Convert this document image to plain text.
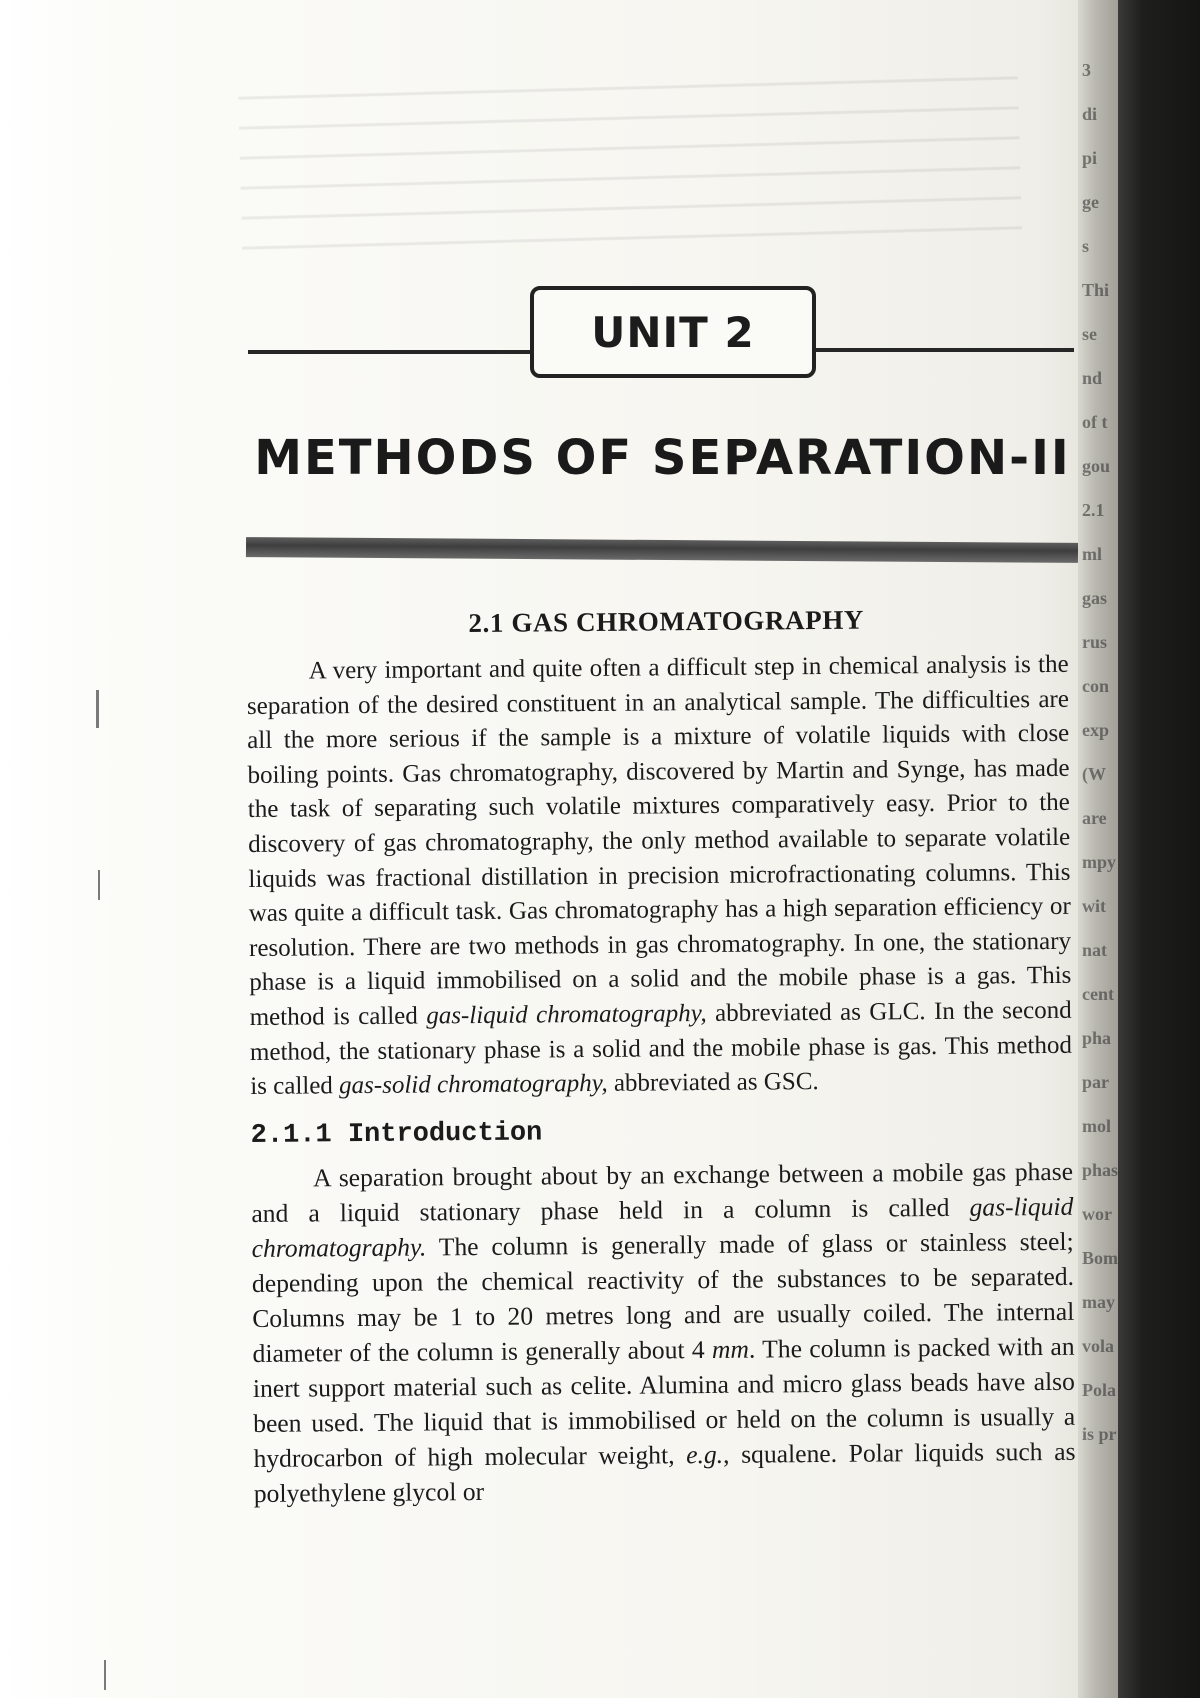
UNIT 2
METHODS OF SEPARATION-II
2.1 GAS CHROMATOGRAPHY

A very important and quite often a difficult step in chemical analysis is the separation of the desired constituent in an analytical sample. The difficulties are all the more serious if the sample is a mixture of volatile liquids with close boiling points. Gas chromatography, discovered by Martin and Synge, has made the task of separating such volatile mixtures comparatively easy. Prior to the discovery of gas chromatography, the only method available to separate volatile liquids was fractional distillation in precision microfractionating columns. This was quite a difficult task. Gas chromatography has a high separation efficiency or resolution. There are two methods in gas chromatography. In one, the stationary phase is a liquid immobilised on a solid and the mobile phase is a gas. This method is called gas-liquid chromatography, abbreviated as GLC. In the second method, the stationary phase is a solid and the mobile phase is gas. This method is called gas-solid chromatography, abbreviated as GSC.

2.1.1 Introduction

A separation brought about by an exchange between a mobile gas phase and a liquid stationary phase held in a column is called gas-liquid chromatography. The column is generally made of glass or stainless steel; depending upon the chemical reactivity of the substances to be separated. Columns may be 1 to 20 metres long and are usually coiled. The internal diameter of the column is generally about 4 mm. The column is packed with an inert support material such as celite. Alumina and micro glass beads have also been used. The liquid that is immobilised or held on the column is usually a hydrocarbon of high molecular weight, e.g., squalene. Polar liquids such as polyethylene glycol or

3
di
pi
ge
s
Thi
se
nd
of t
gou
2.1
ml
gas
rus
con
exp
(W
are
mpy
wit
nat
cent
pha
par
mol
phas
wor
Bom
may
vola
Pola
is pr
